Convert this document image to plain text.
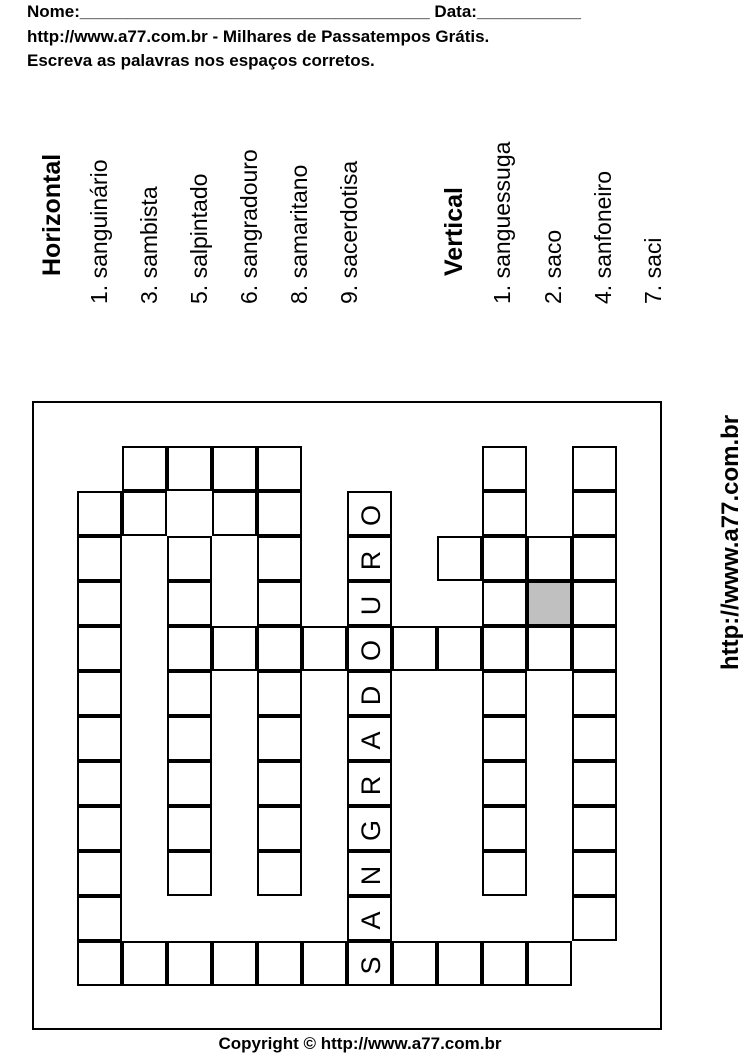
Nome:_____________________________________ Data:___________
http://www.a77.com.br - Milhares de Passatempos Grátis.
Escreva as palavras nos espaços corretos.
Horizontal 1. sanguinário 3. sambista 5. salpintado 6. sangradouro 8. samaritano 9. sacerdotisa	Vertical 1. sanguessuga 2. saco 4. sanfoneiro 7. saci
S
A
N
G
R
A
D
O
U
R
O	http://www.a77.com.br
Copyright © http://www.a77.com.br
